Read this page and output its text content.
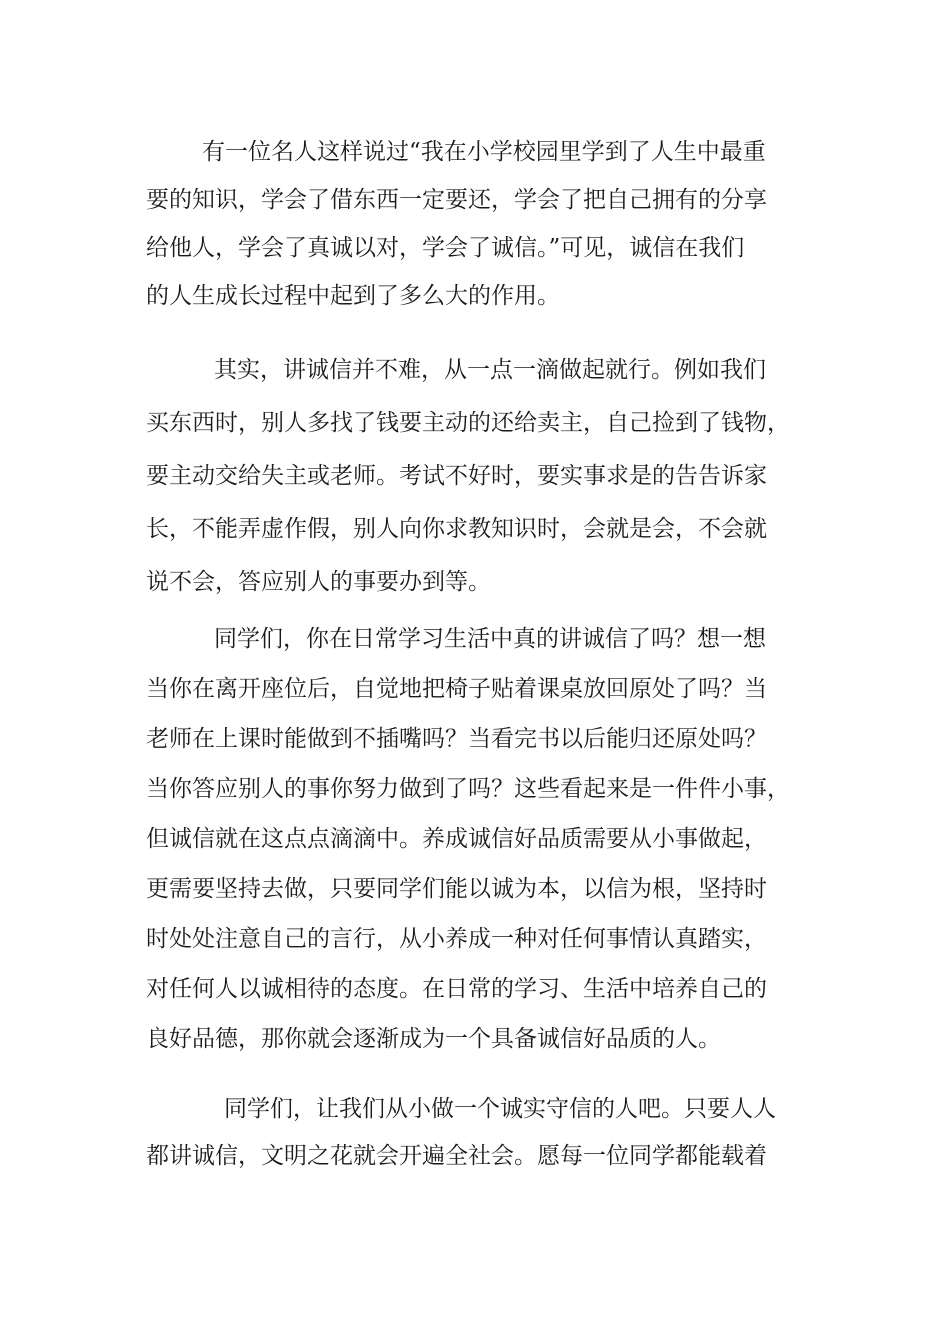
有一位名人这样说过“我在小学校园里学到了人生中最重
要的知识，学会了借东西一定要还，学会了把自己拥有的分享
给他人，学会了真诚以对，学会了诚信。”可见，诚信在我们
的人生成长过程中起到了多么大的作用。
其实，讲诚信并不难，从一点一滴做起就行。例如我们
买东西时，别人多找了钱要主动的还给卖主，自己捡到了钱物，
要主动交给失主或老师。考试不好时，要实事求是的告告诉家
长，不能弄虚作假，别人向你求教知识时，会就是会，不会就
说不会，答应别人的事要办到等。
同学们，你在日常学习生活中真的讲诚信了吗？想一想
当你在离开座位后，自觉地把椅子贴着课桌放回原处了吗？当
老师在上课时能做到不插嘴吗？当看完书以后能归还原处吗？
当你答应别人的事你努力做到了吗？这些看起来是一件件小事，
但诚信就在这点点滴滴中。养成诚信好品质需要从小事做起，
更需要坚持去做，只要同学们能以诚为本，以信为根，坚持时
时处处注意自己的言行，从小养成一种对任何事情认真踏实，
对任何人以诚相待的态度。在日常的学习、生活中培养自己的
良好品德，那你就会逐渐成为一个具备诚信好品质的人。
同学们，让我们从小做一个诚实守信的人吧。只要人人
都讲诚信，文明之花就会开遍全社会。愿每一位同学都能载着
